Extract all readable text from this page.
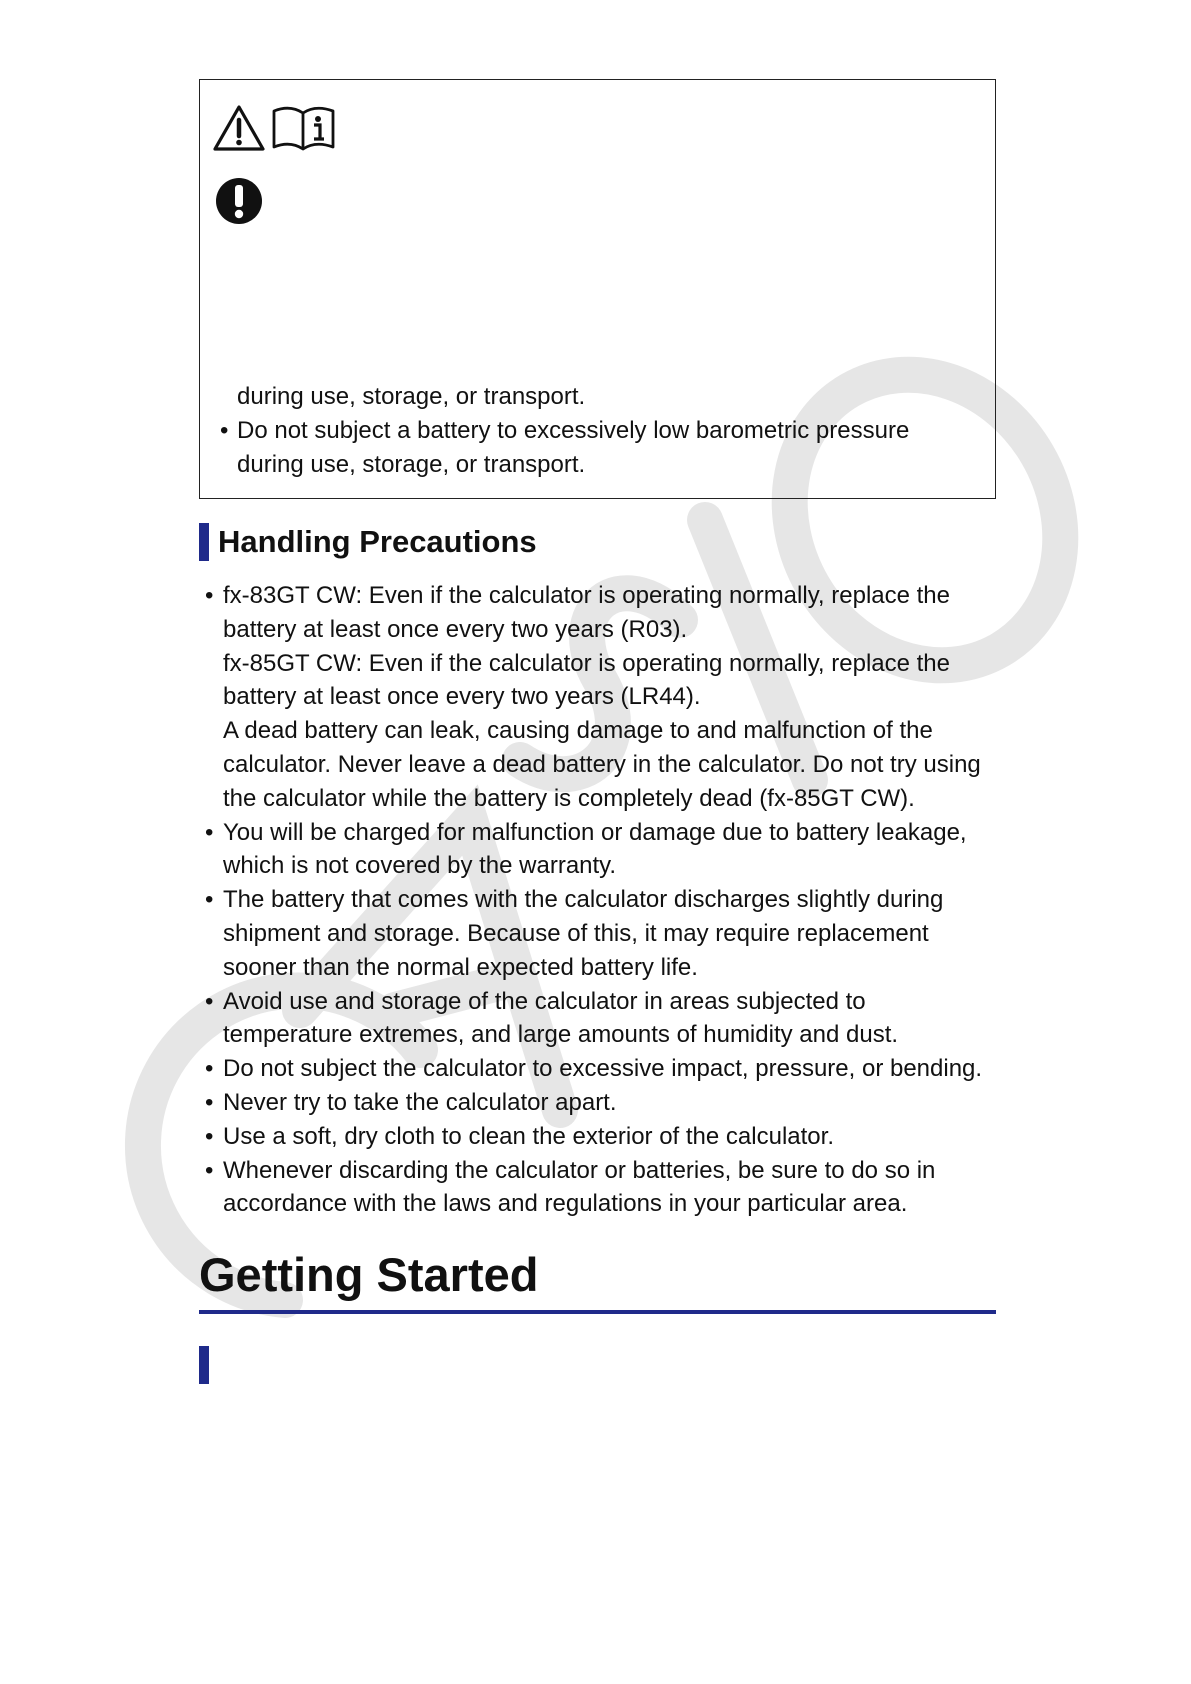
during use, storage, or transport.
• Do not subject a battery to excessively low barometric pressure
during use, storage, or transport.
Handling Precautions
• fx-83GT CW: Even if the calculator is operating normally, replace the
battery at least once every two years (R03).
fx-85GT CW: Even if the calculator is operating normally, replace the
battery at least once every two years (LR44).
A dead battery can leak, causing damage to and malfunction of the
calculator. Never leave a dead battery in the calculator. Do not try using
the calculator while the battery is completely dead (fx-85GT CW).
• You will be charged for malfunction or damage due to battery leakage,
which is not covered by the warranty.
• The battery that comes with the calculator discharges slightly during
shipment and storage. Because of this, it may require replacement
sooner than the normal expected battery life.
• Avoid use and storage of the calculator in areas subjected to
temperature extremes, and large amounts of humidity and dust.
• Do not subject the calculator to excessive impact, pressure, or bending.
• Never try to take the calculator apart.
• Use a soft, dry cloth to clean the exterior of the calculator.
• Whenever discarding the calculator or batteries, be sure to do so in
accordance with the laws and regulations in your particular area.
Getting Started
